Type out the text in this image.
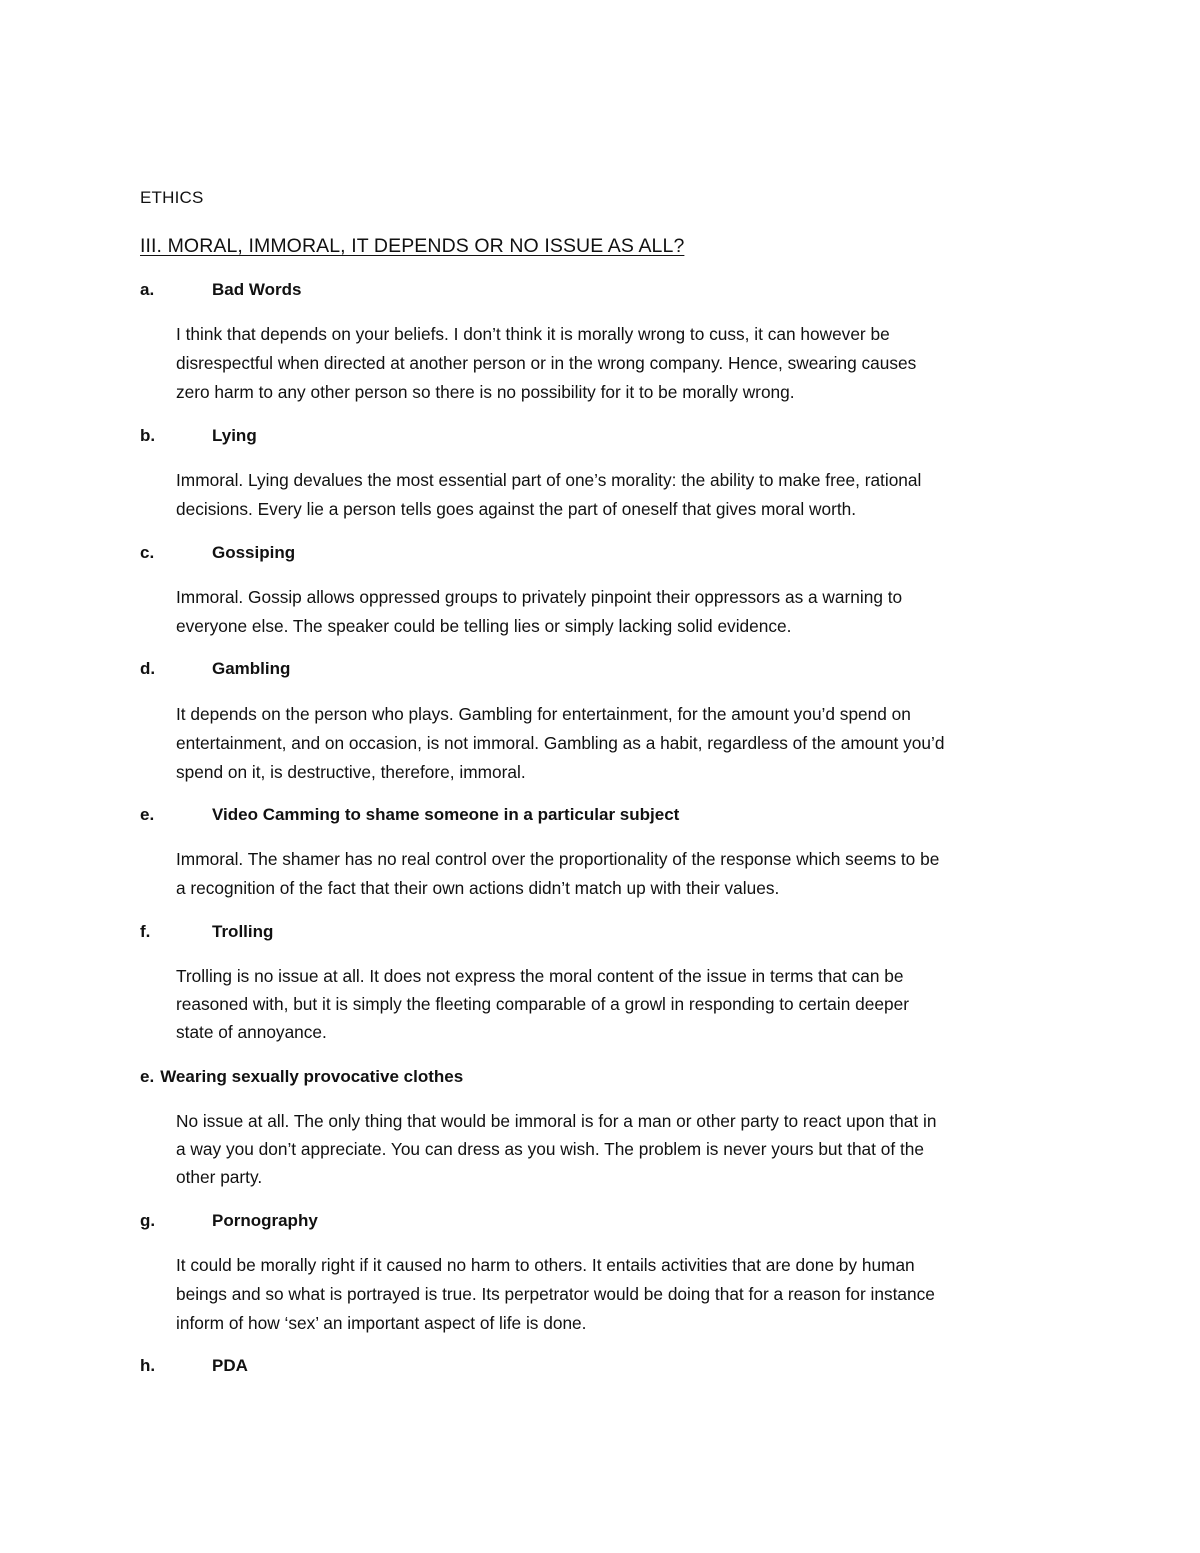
ETHICS
III. MORAL, IMMORAL, IT DEPENDS OR NO ISSUE AS ALL?
a.	Bad Words
I think that depends on your beliefs. I don’t think it is morally wrong to cuss, it can however be
disrespectful when directed at another person or in the wrong company. Hence, swearing causes
zero harm to any other person so there is no possibility for it to be morally wrong.
b.	Lying
Immoral. Lying devalues the most essential part of one’s morality: the ability to make free, rational
decisions. Every lie a person tells goes against the part of oneself that gives moral worth.
c.	Gossiping
Immoral. Gossip allows oppressed groups to privately pinpoint their oppressors as a warning to
everyone else. The speaker could be telling lies or simply lacking solid evidence.
d.	Gambling
It depends on the person who plays. Gambling for entertainment, for the amount you’d spend on
entertainment, and on occasion, is not immoral. Gambling as a habit, regardless of the amount you’d
spend on it, is destructive, therefore, immoral.
e.	Video Camming to shame someone in a particular subject
Immoral. The shamer has no real control over the proportionality of the response which seems to be
a recognition of the fact that their own actions didn’t match up with their values.
f.	Trolling
Trolling is no issue at all. It does not express the moral content of the issue in terms that can be
reasoned with, but it is simply the fleeting comparable of a growl in responding to certain deeper
state of annoyance.
e. Wearing sexually provocative clothes
No issue at all. The only thing that would be immoral is for a man or other party to react upon that in
a way you don’t appreciate. You can dress as you wish. The problem is never yours but that of the
other party.
g.	Pornography
It could be morally right if it caused no harm to others. It entails activities that are done by human
beings and so what is portrayed is true. Its perpetrator would be doing that for a reason for instance
inform of how ‘sex’ an important aspect of life is done.
h.	PDA
